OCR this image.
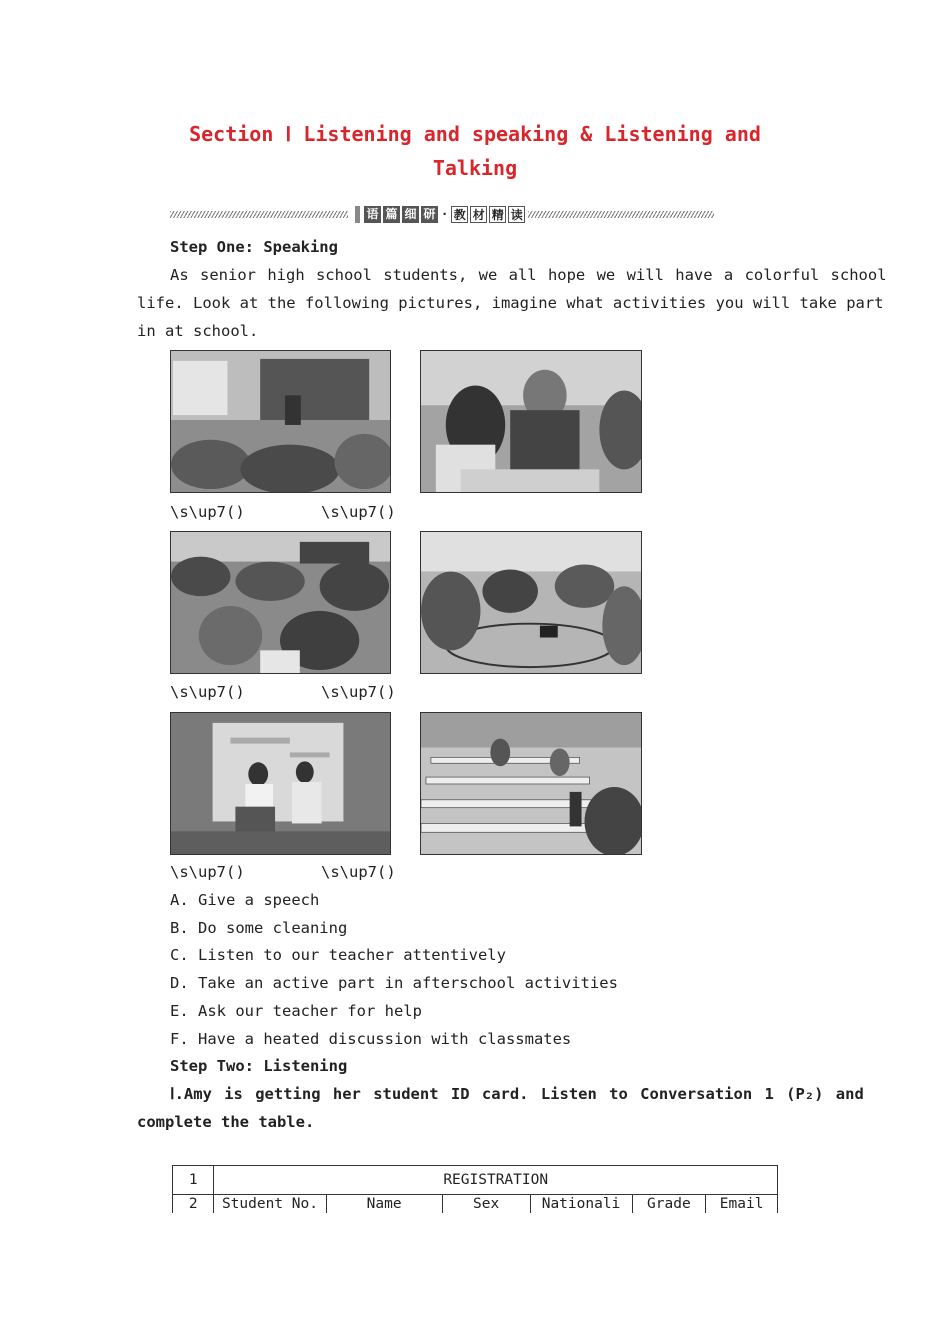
Section Ⅰ Listening and speaking & Listening and
Talking
语 篇 细 研 · 教 材 精 读
Step One: Speaking
As senior high school students, we all hope we will have a colorful school
life. Look at the following pictures, imagine what activities you will take part
in at school.
\s\up7()	\s\up7()
\s\up7()	\s\up7()
\s\up7()	\s\up7()
A. Give a speech
B. Do some cleaning
C. Listen to our teacher attentively
D. Take an active part in afterschool activities
E. Ask our teacher for help
F. Have a heated discussion with classmates
Step Two: Listening
Ⅰ.Amy is getting her student ID card. Listen to Conversation 1 (P₂) and
complete the table.
1	REGISTRATION					
2	Student No.	Name	Sex	Nationali	Grade	Email
